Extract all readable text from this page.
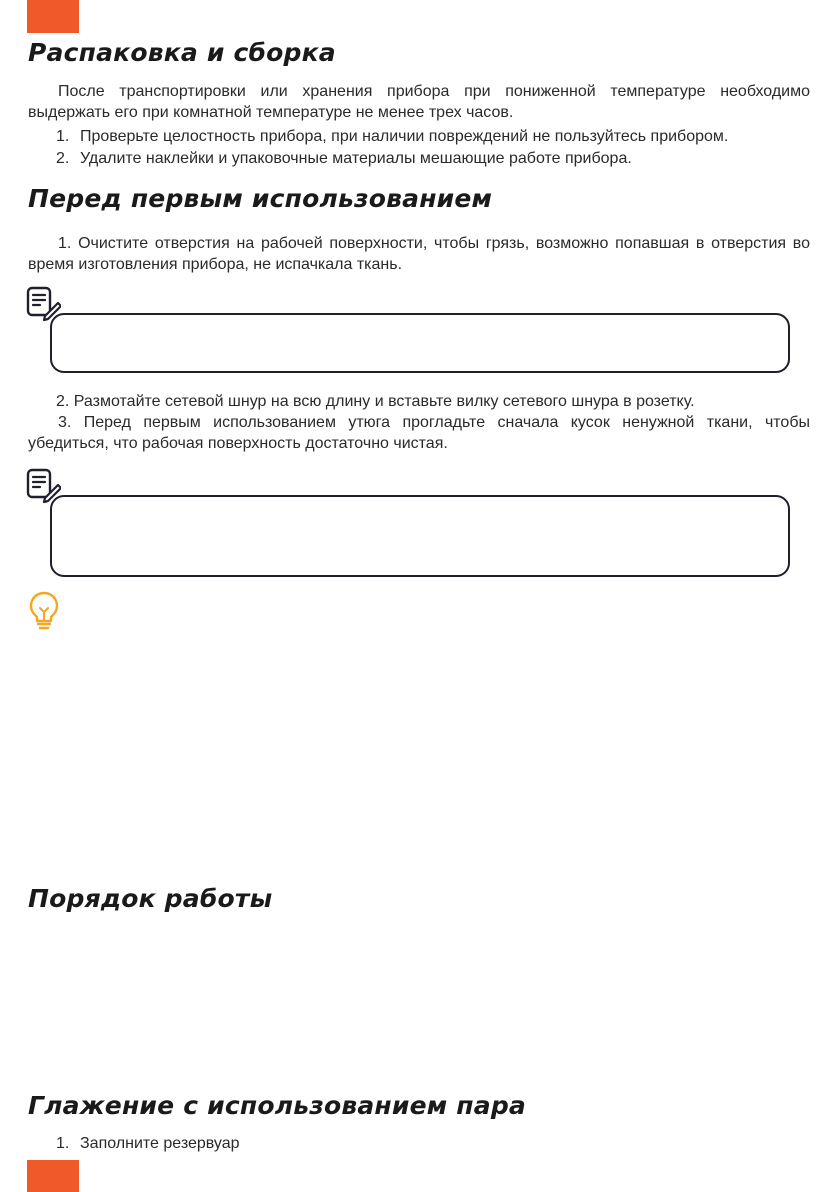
Распаковка и сборка

После транспортировки или хранения прибора при пониженной температуре необходимо выдержать его при комнатной температуре не менее трех часов.

1. Проверьте целостность прибора, при наличии повреждений не пользуйтесь прибором.

2. Удалите наклейки и упаковочные материалы мешающие работе прибора.

Перед первым использованием

1. Очистите отверстия на рабочей поверхности, чтобы грязь, возможно попавшая в отверстия во время изготовления прибора, не испачкала ткань.

2. Размотайте сетевой шнур на всю длину и вставьте вилку сетевого шнура в розетку.

3. Перед первым использованием утюга прогладьте сначала кусок ненужной ткани, чтобы убедиться, что рабочая поверхность достаточно чистая.

Порядок работы
Глажение с использованием пара

1. Заполните резервуар
